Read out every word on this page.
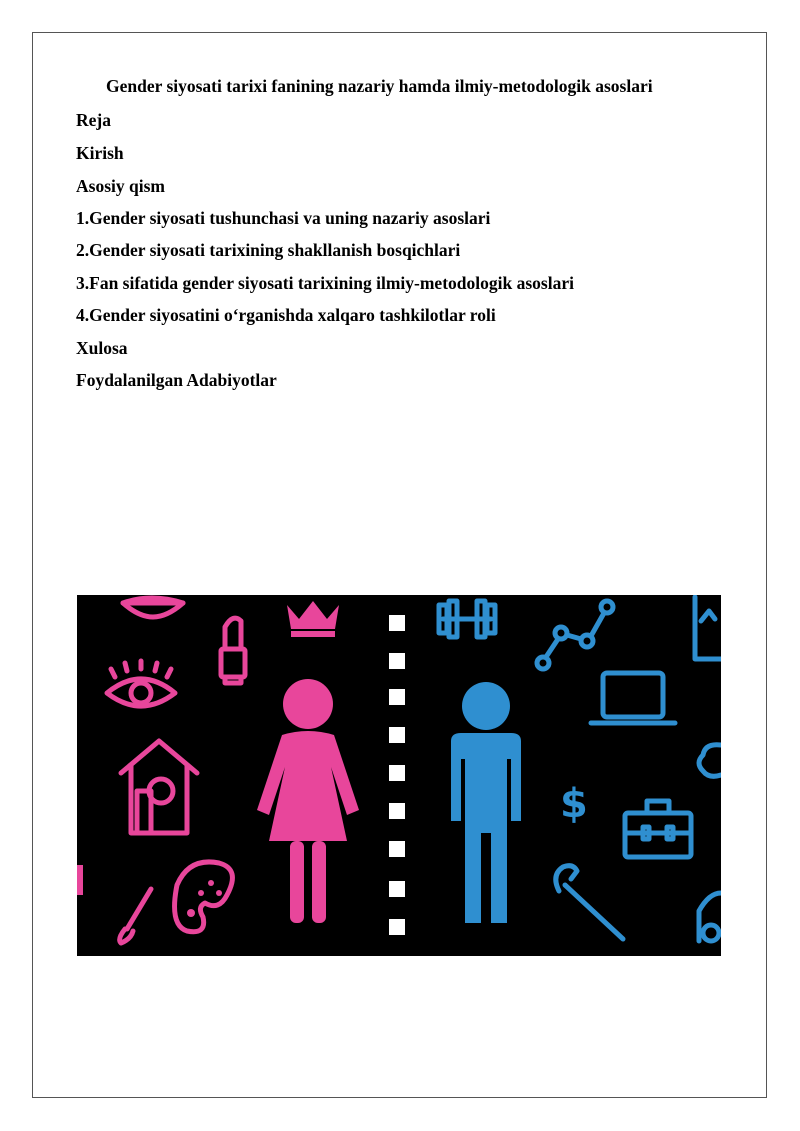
Gender siyosati tarixi fanining nazariy hamda ilmiy-metodologik asoslari
Reja
Kirish
Asosiy qism
1.Gender siyosati tushunchasi va uning nazariy asoslari
2.Gender siyosati tarixining shakllanish bosqichlari
3.Fan sifatida gender siyosati tarixining ilmiy-metodologik asoslari
4.Gender siyosatini o‘rganishda xalqaro tashkilotlar roli
Xulosa
Foydalanilgan Adabiyotlar
$
